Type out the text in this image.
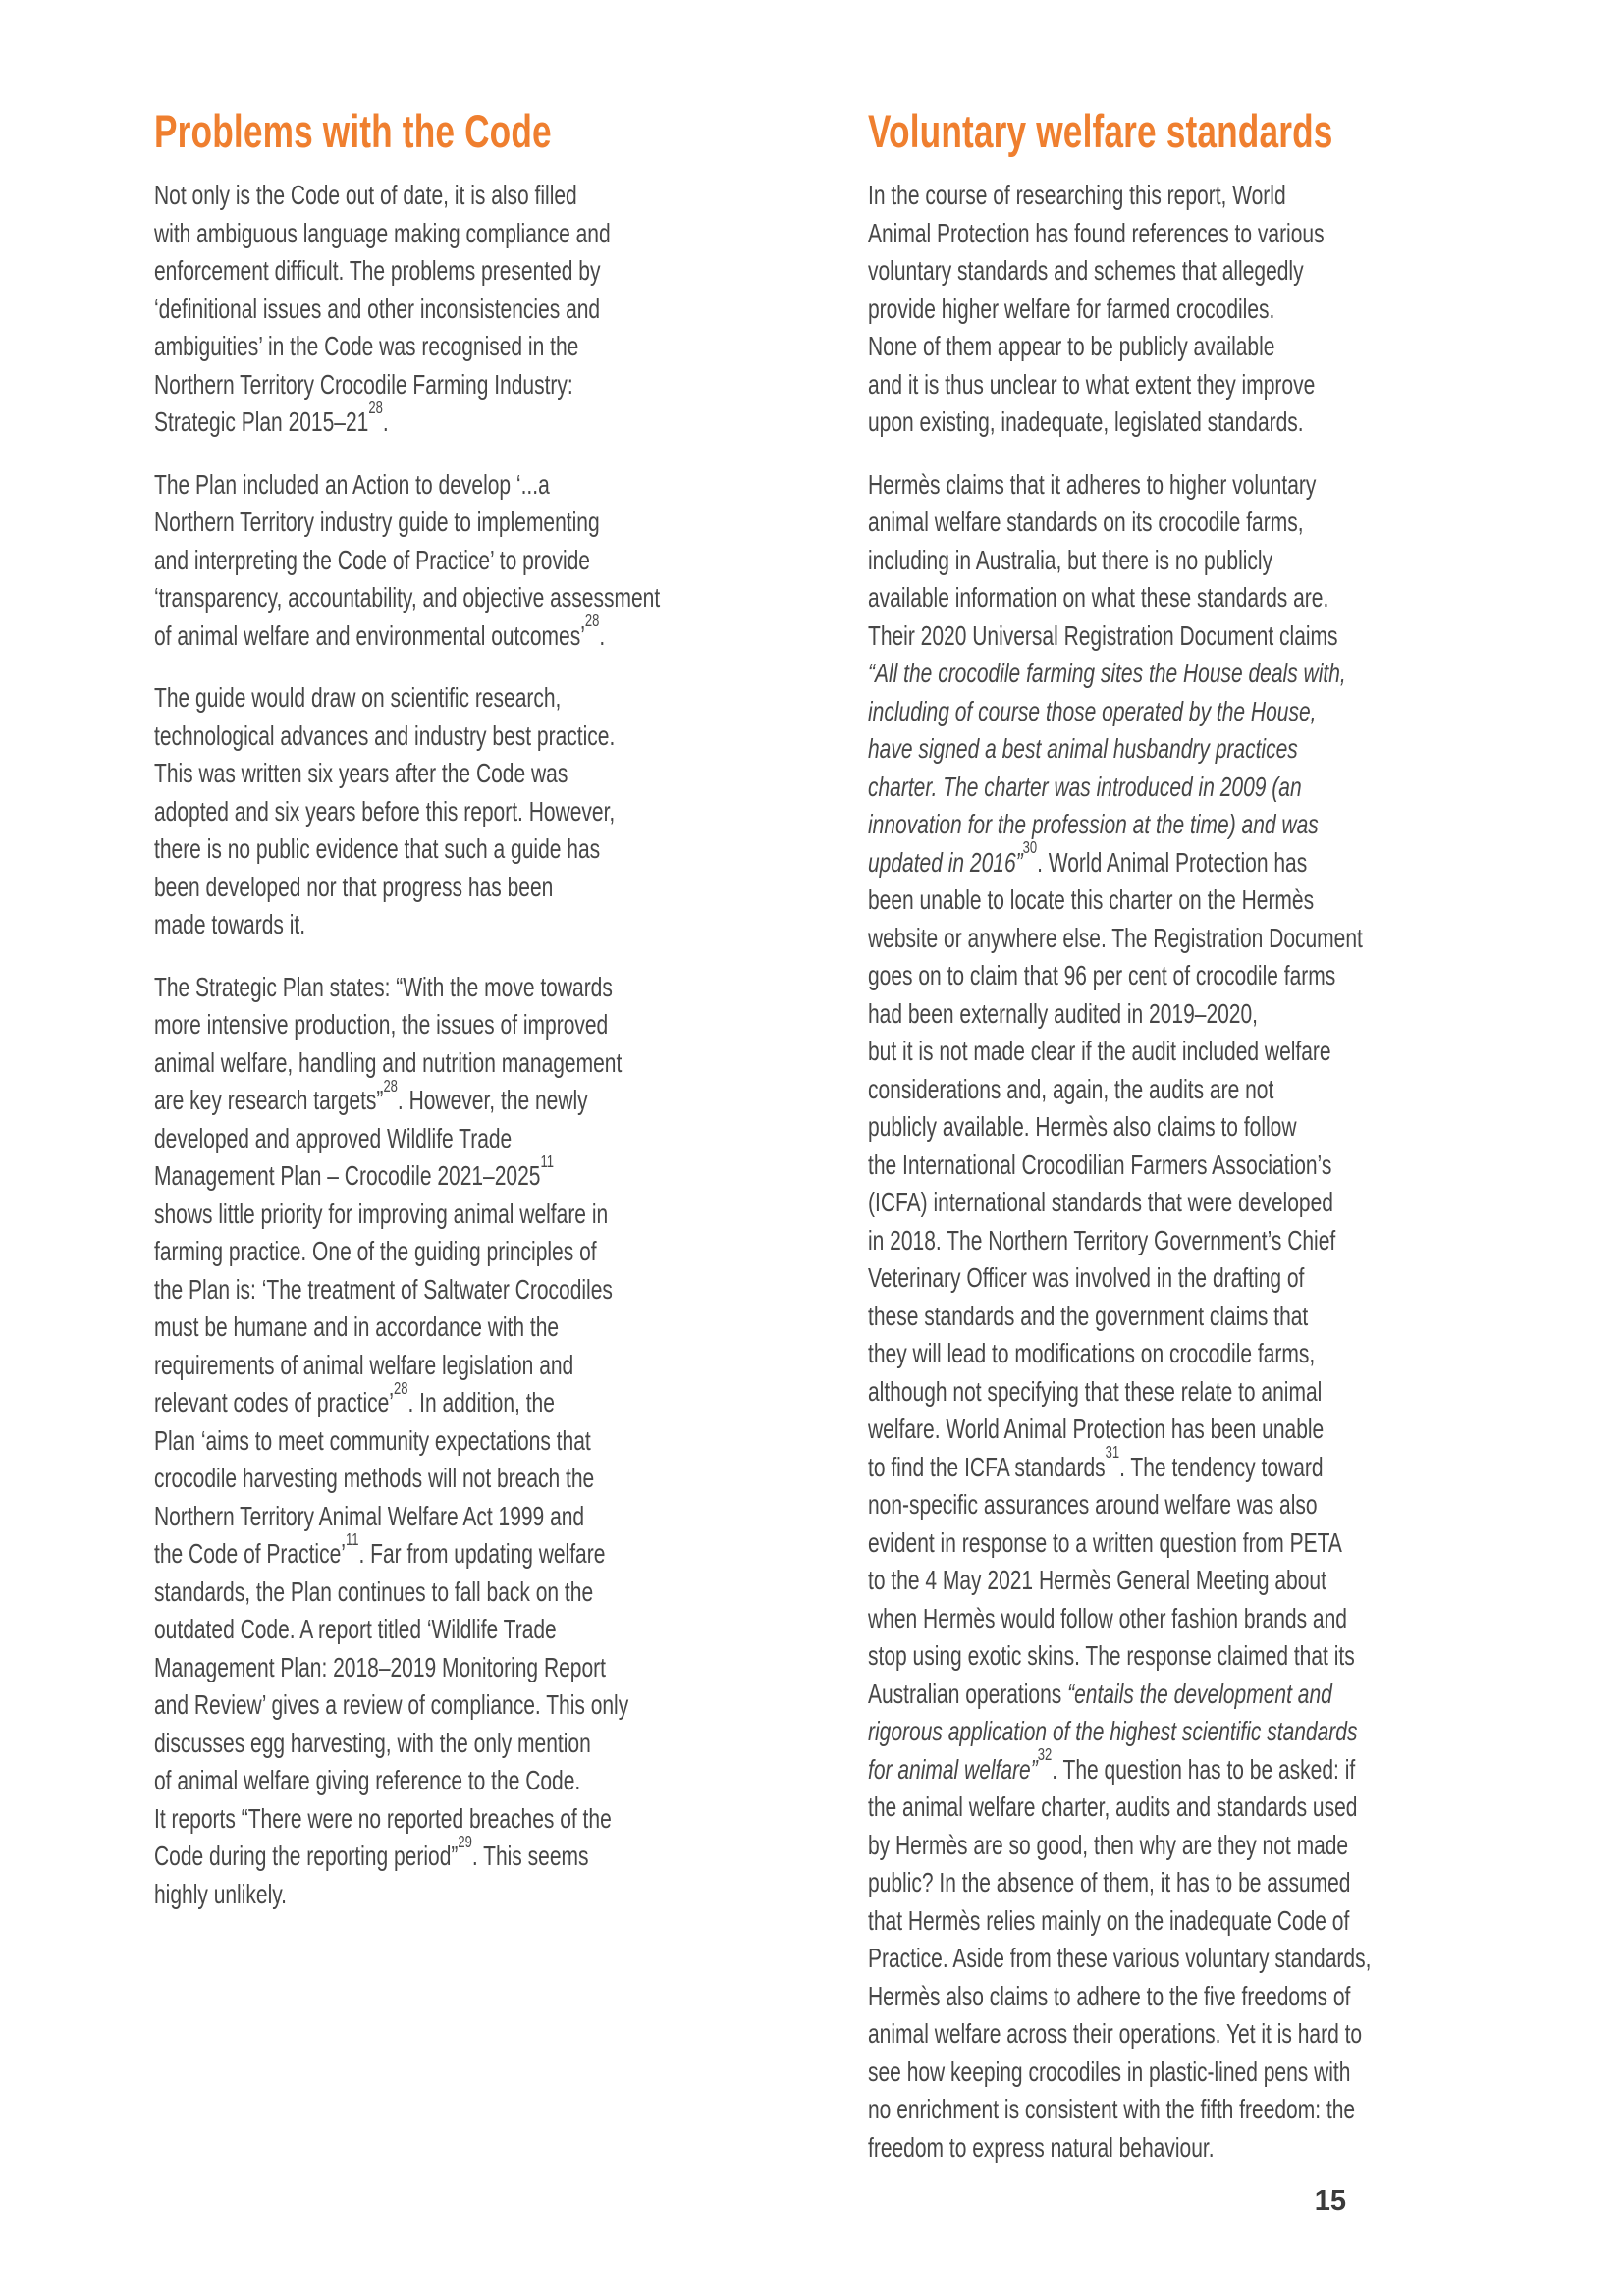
Problems with the Code
Not only is the Code out of date, it is also filled
with ambiguous language making compliance and
enforcement difficult. The problems presented by
‘definitional issues and other inconsistencies and
ambiguities’ in the Code was recognised in the
Northern Territory Crocodile Farming Industry:
Strategic Plan $2015-21^{28}$.
The Plan included an Action to develop ‘...a
Northern Territory industry guide to implementing
and interpreting the Code of Practice’ to provide
‘transparency, accountability, and objective assessment
of animal welfare and environmental outcomes’$^{28}$.
The guide would draw on scientific research,
technological advances and industry best practice.
This was written six years after the Code was
adopted and six years before this report. However,
there is no public evidence that such a guide has
been developed nor that progress has been
made towards it.
The Strategic Plan states: “With the move towards
more intensive production, the issues of improved
animal welfare, handling and nutrition management
are key research targets”$^{28}$. However, the newly
developed and approved Wildlife Trade
Management Plan – Crocodile 2021–2025$^{11}$
shows little priority for improving animal welfare in
farming practice. One of the guiding principles of
the Plan is: ‘The treatment of Saltwater Crocodiles
must be humane and in accordance with the
requirements of animal welfare legislation and
relevant codes of practice’$^{28}$. In addition, the
Plan ‘aims to meet community expectations that
crocodile harvesting methods will not breach the
Northern Territory Animal Welfare Act 1999 and
the Code of Practice’$^{11}$. Far from updating welfare
standards, the Plan continues to fall back on the
outdated Code. A report titled ‘Wildlife Trade
Management Plan: 2018–2019 Monitoring Report
and Review’ gives a review of compliance. This only
discusses egg harvesting, with the only mention
of animal welfare giving reference to the Code.
It reports “There were no reported breaches of the
Code during the reporting period”$^{29}$. This seems
highly unlikely.
Voluntary welfare standards
In the course of researching this report, World
Animal Protection has found references to various
voluntary standards and schemes that allegedly
provide higher welfare for farmed crocodiles.
None of them appear to be publicly available
and it is thus unclear to what extent they improve
upon existing, inadequate, legislated standards.
Hermès claims that it adheres to higher voluntary
animal welfare standards on its crocodile farms,
including in Australia, but there is no publicly
available information on what these standards are.
Their 2020 Universal Registration Document claims
“All the crocodile farming sites the House deals with,
including of course those operated by the House,
have signed a best animal husbandry practices
charter. The charter was introduced in 2009 (an
innovation for the profession at the time) and was
updated in 2016”$^{30}$. World Animal Protection has
been unable to locate this charter on the Hermès
website or anywhere else. The Registration Document
goes on to claim that 96 per cent of crocodile farms
had been externally audited in 2019–2020,
but it is not made clear if the audit included welfare
considerations and, again, the audits are not
publicly available. Hermès also claims to follow
the International Crocodilian Farmers Association’s
(ICFA) international standards that were developed
in 2018. The Northern Territory Government’s Chief
Veterinary Officer was involved in the drafting of
these standards and the government claims that
they will lead to modifications on crocodile farms,
although not specifying that these relate to animal
welfare. World Animal Protection has been unable
to find the ICFA standards$^{31}$. The tendency toward
non-specific assurances around welfare was also
evident in response to a written question from PETA
to the 4 May 2021 Hermès General Meeting about
when Hermès would follow other fashion brands and
stop using exotic skins. The response claimed that its
Australian operations “entails the development and
rigorous application of the highest scientific standards
for animal welfare”$^{32}$. The question has to be asked: if
the animal welfare charter, audits and standards used
by Hermès are so good, then why are they not made
public? In the absence of them, it has to be assumed
that Hermès relies mainly on the inadequate Code of
Practice. Aside from these various voluntary standards,
Hermès also claims to adhere to the five freedoms of
animal welfare across their operations. Yet it is hard to
see how keeping crocodiles in plastic-lined pens with
no enrichment is consistent with the fifth freedom: the
freedom to express natural behaviour.
15
